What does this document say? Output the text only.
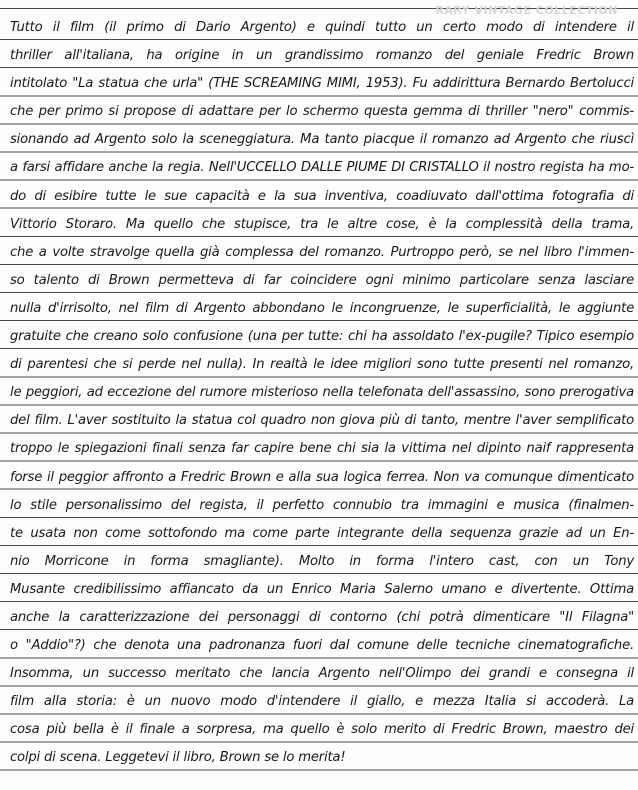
RARY VINTAGE COLLECTION
Tutto il film (il primo di Dario Argento) e quindi tutto un certo modo di intendere il
thriller all'italiana, ha origine in un grandissimo romanzo del geniale Fredric Brown
intitolato "La statua che urla" (THE SCREAMING MIMI, 1953). Fu addirittura Bernardo Bertolucci
che per primo si propose di adattare per lo schermo questa gemma di thriller "nero" commis-
sionando ad Argento solo la sceneggiatura. Ma tanto piacque il romanzo ad Argento che riuscì
a farsi affidare anche la regia. Nell'UCCELLO DALLE PIUME DI CRISTALLO il nostro regista ha mo-
do di esibire tutte le sue capacità e la sua inventiva, coadiuvato dall'ottima fotografia di
Vittorio Storaro. Ma quello che stupisce, tra le altre cose, è la complessità della trama,
che a volte stravolge quella già complessa del romanzo. Purtroppo però, se nel libro l'immen-
so talento di Brown permetteva di far coincidere ogni minimo particolare senza lasciare
nulla d'irrisolto, nel film di Argento abbondano le incongruenze, le superficialità, le aggiunte
gratuite che creano solo confusione (una per tutte: chi ha assoldato l'ex-pugile? Tipico esempio
di parentesi che si perde nel nulla). In realtà le idee migliori sono tutte presenti nel romanzo,
le peggiori, ad eccezione del rumore misterioso nella telefonata dell'assassino, sono prerogativa
del film. L'aver sostituito la statua col quadro non giova più di tanto, mentre l'aver semplificato
troppo le spiegazioni finali senza far capire bene chi sia la vittima nel dipinto naif rappresenta
forse il peggior affronto a Fredric Brown e alla sua logica ferrea. Non va comunque dimenticato
lo stile personalissimo del regista, il perfetto connubio tra immagini e musica (finalmen-
te usata non come sottofondo ma come parte integrante della sequenza grazie ad un En-
nio Morricone in forma smagliante). Molto in forma l'intero cast, con un Tony
Musante credibilissimo affiancato da un Enrico Maria Salerno umano e divertente. Ottima
anche la caratterizzazione dei personaggi di contorno (chi potrà dimenticare "Il Filagna"
o "Addio"?) che denota una padronanza fuori dal comune delle tecniche cinematografiche.
Insomma, un successo meritato che lancia Argento nell'Olimpo dei grandi e consegna il
film alla storia: è un nuovo modo d'intendere il giallo, e mezza Italia si accoderà. La
cosa più bella è il finale a sorpresa, ma quello è solo merito di Fredric Brown, maestro dei
colpi di scena. Leggetevi il libro, Brown se lo merita!
